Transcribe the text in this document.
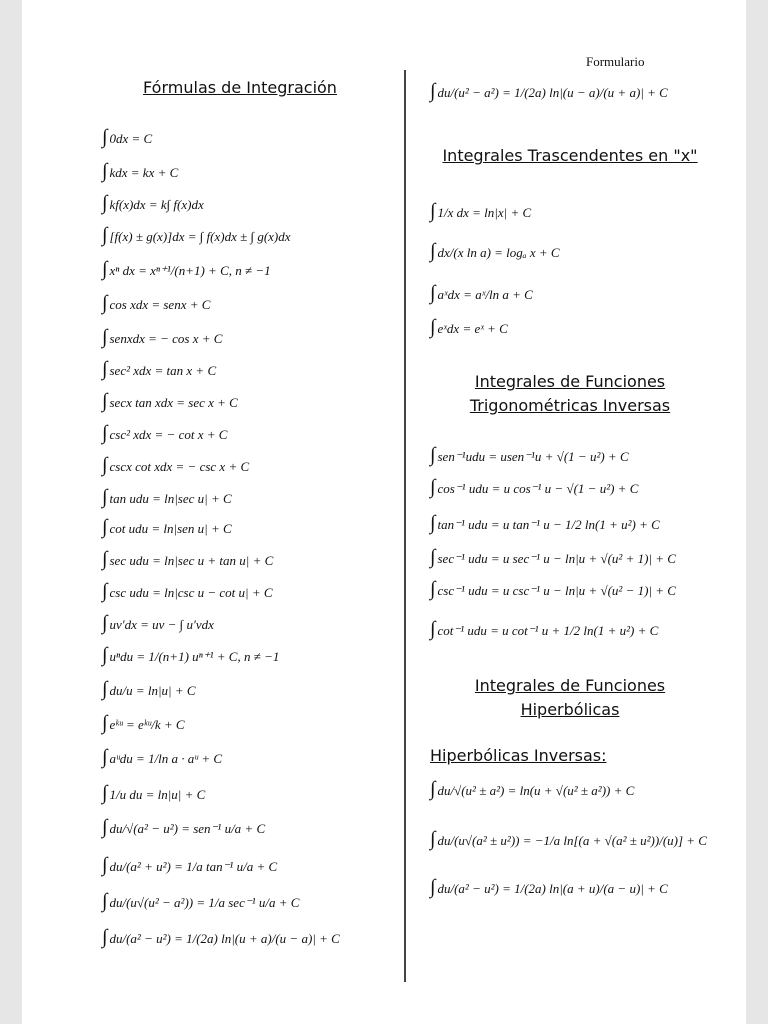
Formulario
Fórmulas de Integración
∫ 0dx = C
∫ kdx = kx + C
∫ kf(x)dx = k∫ f(x)dx
∫ [f(x) ± g(x)]dx = ∫ f(x)dx ± ∫ g(x)dx
∫ xⁿ dx = xⁿ⁺¹/(n+1) + C, n ≠ −1
∫ cos xdx = senx + C
∫ senxdx = − cos x + C
∫ sec² xdx = tan x + C
∫ secx tan xdx = sec x + C
∫ csc² xdx = − cot x + C
∫ cscx cot xdx = − csc x + C
∫ tan udu = ln|sec u| + C
∫ cot udu = ln|sen u| + C
∫ sec udu = ln|sec u + tan u| + C
∫ csc udu = ln|csc u − cot u| + C
∫ uv′dx = uv − ∫ u′vdx
∫ uⁿdu = 1/(n+1) uⁿ⁺¹ + C, n ≠ −1
∫ du/u = ln|u| + C
∫ eᵏᵘ = eᵏᵘ/k + C
∫ aᵘdu = 1/ln a · aᵘ + C
∫ 1/u du = ln|u| + C
∫ du/√(a² − u²) = sen⁻¹ u/a + C
∫ du/(a² + u²) = 1/a tan⁻¹ u/a + C
∫ du/(u√(u² − a²)) = 1/a sec⁻¹ u/a + C
∫ du/(a² − u²) = 1/(2a) ln|(u + a)/(u − a)| + C
∫ du/(u² − a²) = 1/(2a) ln|(u − a)/(u + a)| + C
Integrales Trascendentes en "x"
∫ 1/x dx = ln|x| + C
∫ dx/(x ln a) = logₐ x + C
∫ aˣdx = aˣ/ln a + C
∫ eˣdx = eˣ + C
Integrales de Funciones
Trigonométricas Inversas
∫ sen⁻¹udu = usen⁻¹u + √(1 − u²) + C
∫ cos⁻¹ udu = u cos⁻¹ u − √(1 − u²) + C
∫ tan⁻¹ udu = u tan⁻¹ u − 1/2 ln(1 + u²) + C
∫ sec⁻¹ udu = u sec⁻¹ u − ln|u + √(u² + 1)| + C
∫ csc⁻¹ udu = u csc⁻¹ u − ln|u + √(u² − 1)| + C
∫ cot⁻¹ udu = u cot⁻¹ u + 1/2 ln(1 + u²) + C
Integrales de Funciones
Hiperbólicas
Hiperbólicas Inversas:
∫ du/√(u² ± a²) = ln(u + √(u² ± a²)) + C
∫ du/(u√(a² ± u²)) = −1/a ln[(a + √(a² ± u²))/(u)] + C
∫ du/(a² − u²) = 1/(2a) ln|(a + u)/(a − u)| + C
